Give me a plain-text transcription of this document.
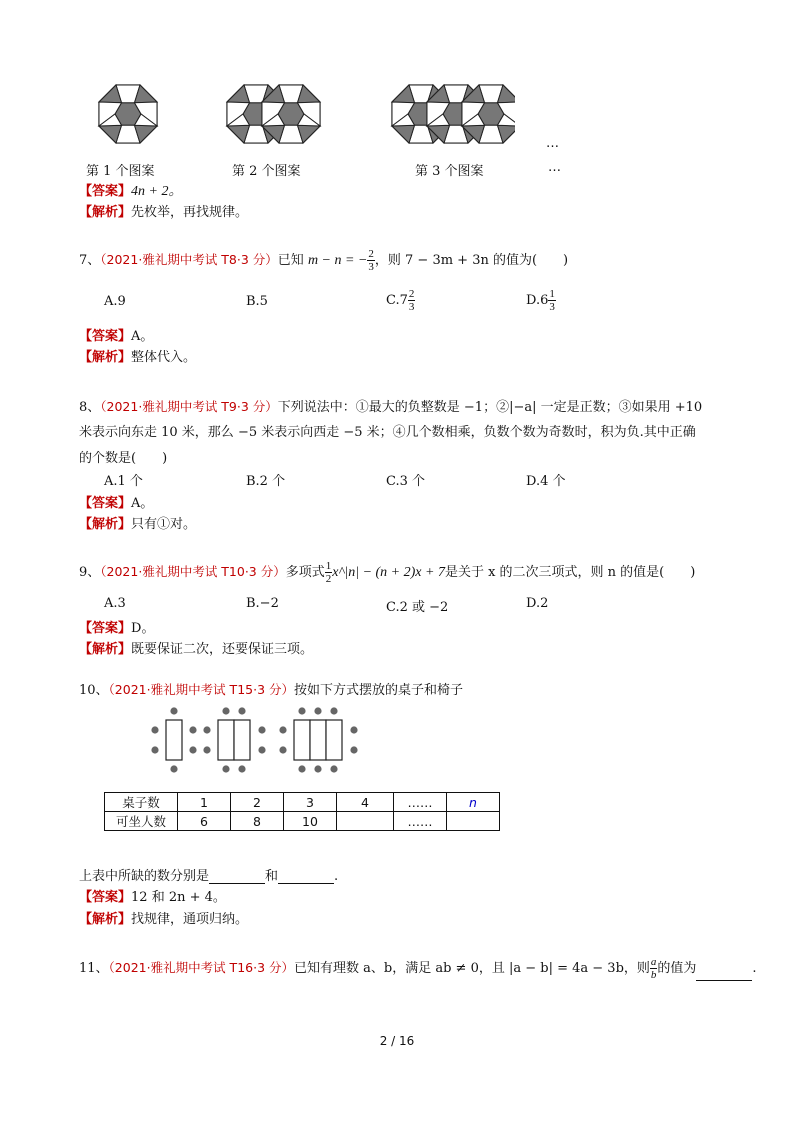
…
第 1 个图案	第 2 个图案	第 3 个图案	…
【答案】4n + 2。
【解析】先枚举，再找规律。
7、（2021·雅礼期中考试 T8·3 分）已知 m − n = − $\frac{2}{3}$ ，则 7 − 3m + 3n 的值为(　　)
A.9	B.5	$C.7 \frac{2}{3}$	$D.6 \frac{1}{3}$
【答案】A。
【解析】整体代入。
8、（2021·雅礼期中考试 T9·3 分）下列说法中：①最大的负整数是 −1；②|−a| 一定是正数；③如果用 +10
米表示向东走 10 米，那么 −5 米表示向西走 −5 米；④几个数相乘，负数个数为奇数时，积为负.其中正确
的个数是(　　)
A.1 个	B.2 个	C.3 个	D.4 个
【答案】A。
【解析】只有①对。
9、（2021·雅礼期中考试 T10·3 分）多项式 $\frac{1}{2}$ x^|n| − (n + 2)x + 7是关于 x 的二次三项式，则 n 的值是(　　)
A.3	B.−2	C.2 或 −2	D.2
【答案】D。
【解析】既要保证二次，还要保证三项。
10、（2021·雅礼期中考试 T15·3 分）按如下方式摆放的桌子和椅子
桌子数	1	2	3	4	……	n
可坐人数	6	8	10		……	
上表中所缺的数分别是	和	.
【答案】12 和 2n + 4。
【解析】找规律，通项归纳。
11、（2021·雅礼期中考试 T16·3 分）已知有理数 a、b，满足 ab ≠ 0，且 |a − b| = 4a − 3b，则 $\frac{a}{b}$ 的值为	.
2 / 16
